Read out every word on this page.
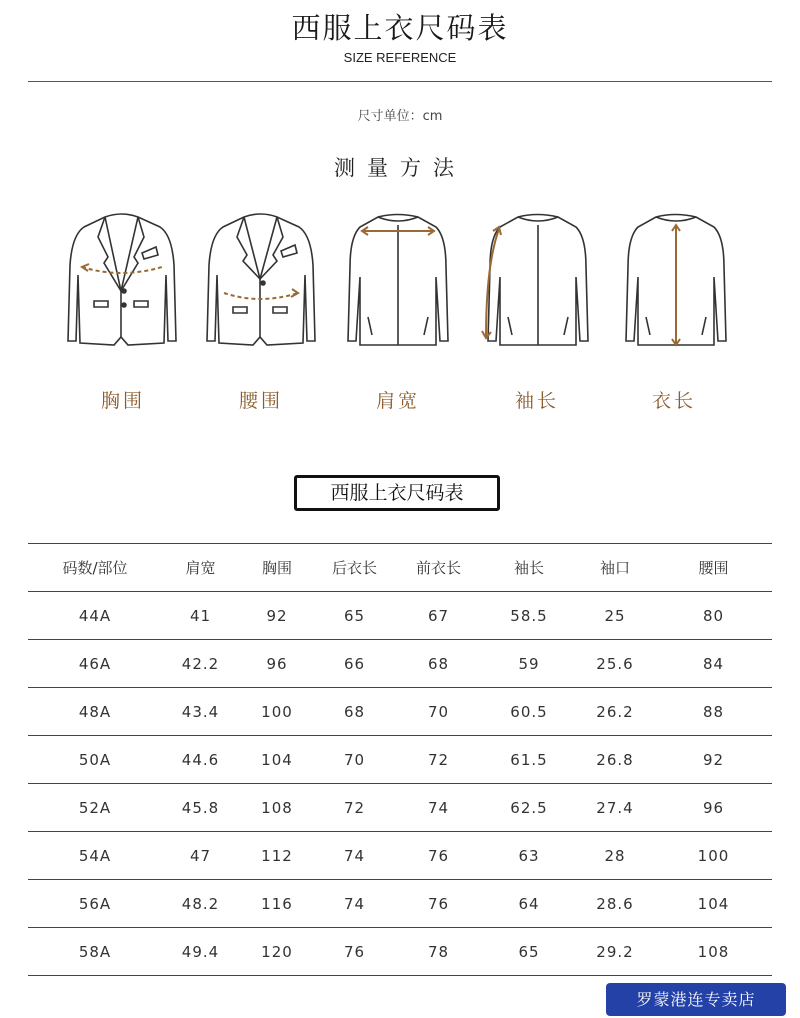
西服上衣尺码表
SIZE REFERENCE
尺寸单位：cm
测量方法
胸围	腰围	肩宽	袖长	衣长
西服上衣尺码表
码数/部位	肩宽	胸围	后衣长	前衣长	袖长	袖口	腰围
44A	41	92	65	67	58.5	25	80
46A	42.2	96	66	68	59	25.6	84
48A	43.4	100	68	70	60.5	26.2	88
50A	44.6	104	70	72	61.5	26.8	92
52A	45.8	108	72	74	62.5	27.4	96
54A	47	112	74	76	63	28	100
56A	48.2	116	74	76	64	28.6	104
58A	49.4	120	76	78	65	29.2	108
罗蒙港连专卖店
